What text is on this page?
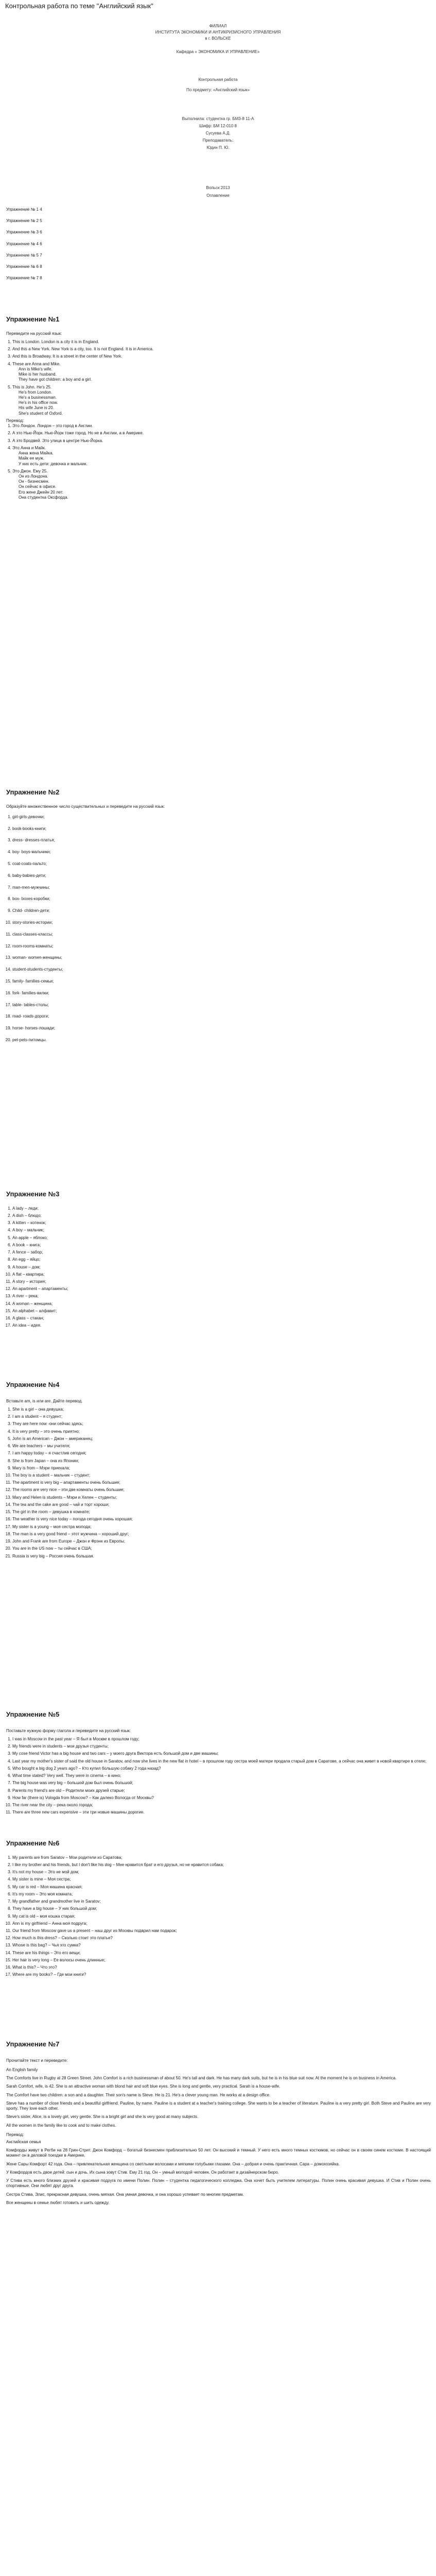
Контрольная работа по теме "Английский язык"
ФИЛИАЛ
ИНСТИТУТА ЭКОНОМИКИ И АНТИКРИЗИСНОГО УПРАВЛЕНИЯ
в г. ВОЛЬСКЕ
Кафедра « ЭКОНОМИКА И УПРАВЛЕНИЕ»
Контрольная работа
По предмету: «Английский язык»
Выполнила: студентка гр. БМ3-8 11-А
Шифр: БМ 12-010 8
Сусуева А.Д.
Преподаватель:
Юдин П. Ю.
Вольск 2013
Оглавление

Упражнение № 1 4

Упражнение № 2 5

Упражнение № 3 6

Упражнение № 4 6

Упражнение № 5 7

Упражнение № 6 8

Упражнение № 7 8

Упражнение №1

Переведите на русский язык:

1. This is London. London is a city it is in England.
2. And this a New York. New York is a city, too. It is not England. It is in America.
3. And this is Broadway. It is a street in the center of New York.
4. These are Anna and Mike.

Ann is Mike's wife.

Mike is her husband.

They have got children: a boy and a girl.

5. This is John. He's 25.

He's from London.

He's a businessman.

He's in his office now.

His wife June is 20.

She's student of Oxford.

Перевод:

1. Это Лондон. Лондон – это город в Англии.
2. А это Нью-Йорк. Нью-Йорк тоже город. Но не в Англии, а в Америке.
3. А это Бродвей. Это улица в центре Нью-Йорка.
4. Это Анна и Майк.

Анна жена Майка.

Майк ее муж.

У них есть дети: девочка и мальчик.

5. Это Джон. Ему 25.

Он из Лондона.

Он - бизнесмен.

Он сейчас в офисе.

Его жене Джейн 20 лет.

Она студентка Оксфорда.

Упражнение №2

Образуйте множественное число существительных и переведите на русский язык:

1. girl-girls-девочки;
2. book-books-книги;
3. dress- dresses-платья;
4. boy- boys-мальчики;
5. coat-coats-пальто;
6. baby-babies-дети;
7. man-men-мужчины;
8. box- boxes-коробки;
9. Child- children-дети;
10. story-stories-истории;
11. class-classes-классы;
12. room-rooms-комнаты;
13. woman- women-женщины;
14. student-students-студенты;
15. family- families-семьи;
16. fork- families-вилки;
17. table- tables-столы;
18. road- roads-дороги;
19. horse- horses-лошади;
20. pet-pets-питомцы.

Упражнение №3

1. A lady – леди;
2. A dish – блюдо;
3. A kitten – котенок;
4. A boy – мальчик;
5. An apple – яблоко;
6. A book – книга;
7. A fence – забор;
8. An egg – яйцо;
9. A house – дом;
10. A flat – квартира;
11. A story – история;
12. An apartment – апартаменты;
13. A river – река;
14. A woman – женщина;
15. An alphabet – алфавит;
16. A glass – стакан;
17. An idea – идея.

Упражнение №4

Вставьте am, is или are. Дайте перевод.

1. She is a girl – она девушка;
2. I am a student – я студент;
3. They are here now -они сейчас здесь;
4. It is very pretty – это очень приятно;
5. John is an American – Джон – американец;
6. We are teachers – мы учителя;
7. I am happy today – я счастлив сегодня;
8. She is from Japan – она из Японии;
9. Mary is from – Мэри приехала;
10. The boy is a student – мальчик – студент;
11. The apartment is very big – апартаменты очень большие;
12. The rooms are very nice – эти две комнаты очень большие;
13. Mary and Helen is students – Мэри и Хелен – студенты;
14. The tea and the cake are good – чай и торт хороши;
15. The girl in the room – девушка в комнате;
16. The weather is very nice today – погода сегодня очень хорошая;
17. My sister is a young – моя сестра молода;
18. The man is a very good friend – этот мужчина – хороший друг;
19. John and Frank are from Europe – Джон и Фрэнк из Европы;
20. You are in the US now – ты сейчас в США;
21. Russia is very big – Россия очень большая.

Упражнение №5

Поставьте нужную форму глагола и переведите на русский язык:

1. I was in Moscow in the past year – Я был в Москве в прошлом году;
2. My friends were in students – мои друзья студенты;
3. My cose friend Victor has a big house and two cars – у моего друга Виктора есть большой дом и две машины;
4. Last year my mother's sister of said the old house in Saratov, and now she lives in the new flat in hotel – в прошлом году сестра моей матери продала старый дом в Саратове, а сейчас она живет в новой квартире в отеле;
5. Who bought a big dog 2 years ago? – Кто купил большую собаку 2 года назад?
6. What time stated? Very well. They were in cinema – в кино;
7. The big house was very big – большой дом был очень большой;
8. Parents my friend's are old – Родители моих друзей старые;
9. How far (there is) Vologda from Moscow? – Как далеко Вологда от Москвы?
10. The river near the city – река около города;
11. There are three new cars expensive – эти три новые машины дорогие.

Упражнение №6

1. My parents are from Saratov – Мои родители из Саратова;
2. I like my brother and his friends, but I don't like his dog – Мне нравится брат и его друзья, но не нравится собака;
3. It's not my house – Это не мой дом;
4. My sister is mine – Моя сестра;
5. My car is red – Моя машина красная;
6. It's my room – Это моя комната;
7. My grandfather and grandmother live in Saratov;
8. They have a big house – У них большой дом;
9. My cat is old – моя кошка старая;
10. Ann is my girlfriend – Анна моя подруга;
11. Our friend from Moscow gave us a present – наш друг из Москвы подарил нам подарок;
12. How much is this dress? – Сколько стоит это платье?
13. Whose is this bag? – Чья это сумка?
14. These are his things – Это его вещи;
15. Her hair is very long – Ее волосы очень длинные;
16. What is this? – Что это?
17. Where are my books? – Где мои книги?

Упражнение №7

Прочитайте текст и переведите:

An English family

The Comforts live in Rugby at 28 Green Street. John Comfort is a rich businessman of about 50. He's tall and dark. He has many dark suits, but he is in his blue suit now. At the moment he is on business in America.

Sarah Comfort, wife, is 42. She is an attractive woman with blond hair and soft blue eyes. She is long and gentle, very practical. Sarah is a house-wife.

The Comfort have two children: a son and a daughter. Their son's name is Steve. He is 21. He's a clever young man. He works at a design office.

Steve has a number of close friends and a beautiful girlfriend. Pauline, by name. Pauline is a student at a teacher's training college. She wants to be a teacher of literature. Pauline is a very pretty girl. Both Steve and Pauline are very sporty. They love each other.

Steve's sister, Alice, is a lovely girl, very gentle. She is a bright girl and she is very good at many subjects.

All the women in the family like to cook and to make clothes.

Перевод:

Английская семья

Комфорды живут в Регби на 28 Грин-Стрит. Джон Комфорд – богатый бизнесмен приблизительно 50 лет. Он высокий и темный. У него есть много темных костюмов, но сейчас он в своем синем костюме. В настоящий момент он в деловой поездке в Америке.

Жене Сары Комфорт 42 года. Она – привлекательная женщина со светлыми волосами и мягкими голубыми глазами. Она – добрая и очень практичная. Сара – домохозяйка.

У Комфордов есть двое детей: сын и дочь. Их сына зовут Стив. Ему 21 год. Он – умный молодой человек. Он работает в дизайнерском бюро.

У Стива есть много близких друзей и красивая подруга по имени Полин. Полин – студентка педагогического колледжа. Она хочет быть учителем литературы. Полин очень красивая девушка. И Стив и Полин очень спортивные. Они любят друг друга.

Сестра Стива, Элис, прекрасная девушка, очень мягкая. Она умная девочка, и она хорошо успевает по многим предметам.

Все женщины в семье любят готовить и шить одежду.
